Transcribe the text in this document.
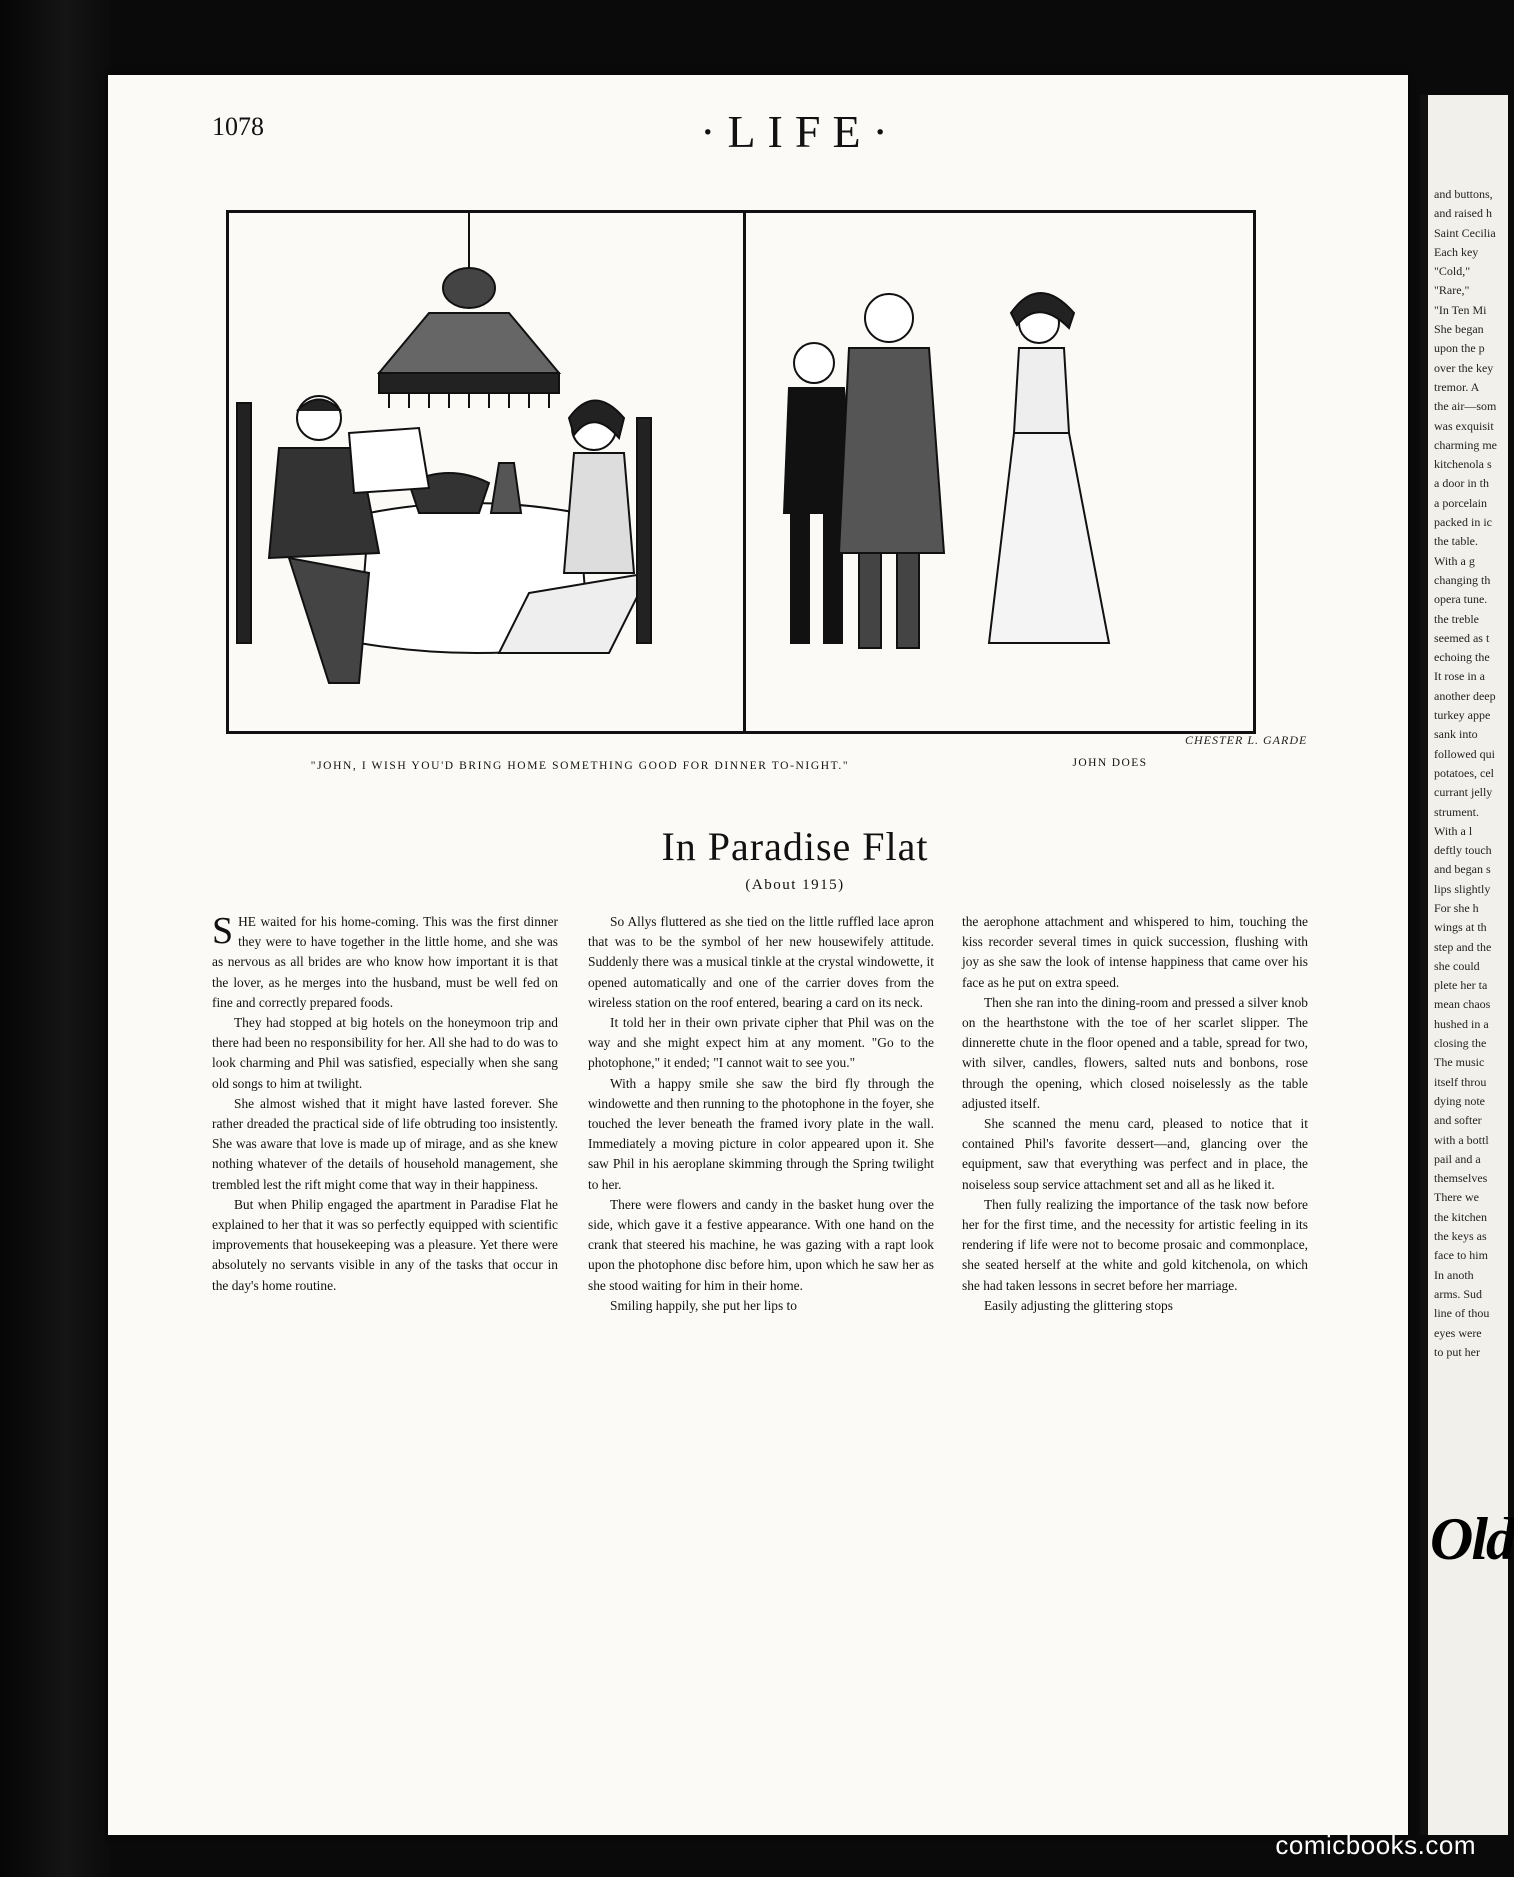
and buttons,
and raised h
Saint Cecilia
Each key
"Cold,"
"Rare,"
"In Ten Mi
She began
upon the p
over the key
tremor. A
the air—som
was exquisit
charming me
kitchenola s
a door in th
a porcelain
packed in ic
the table.
With a g
changing th
opera tune.
the treble
seemed as t
echoing the
It rose in a
another deep
turkey appe
sank into
followed qui
potatoes, cel
currant jelly
strument.
With a l
deftly touch
and began s
lips slightly
For she h
wings at th
step and the
she could
plete her ta
mean chaos
hushed in a
closing the
The music
itself throu
dying note
and softer
with a bottl
pail and a
themselves
There we
the kitchen
the keys as
face to him
In anoth
arms. Sud
line of thou
eyes were
to put her
Old
1078	·LIFE·
"JOHN, I WISH YOU'D BRING HOME SOMETHING GOOD FOR DINNER TO-NIGHT."	JOHN DOES
CHESTER L. GARDE
In Paradise Flat
(About 1915)

SHE waited for his home-coming. This was the first dinner they were to have together in the little home, and she was as nervous as all brides are who know how important it is that the lover, as he merges into the husband, must be well fed on fine and correctly prepared foods.

They had stopped at big hotels on the honeymoon trip and there had been no responsibility for her. All she had to do was to look charming and Phil was satisfied, especially when she sang old songs to him at twilight.

She almost wished that it might have lasted forever. She rather dreaded the practical side of life obtruding too insistently. She was aware that love is made up of mirage, and as she knew nothing whatever of the details of household management, she trembled lest the rift might come that way in their happiness.

But when Philip engaged the apartment in Paradise Flat he explained to her that it was so perfectly equipped with scientific improvements that housekeeping was a pleasure. Yet there were absolutely no servants visible in any of the tasks that occur in the day's home routine.

So Allys fluttered as she tied on the little ruffled lace apron that was to be the symbol of her new housewifely attitude. Suddenly there was a musical tinkle at the crystal windowette, it opened automatically and one of the carrier doves from the wireless station on the roof entered, bearing a card on its neck.

It told her in their own private cipher that Phil was on the way and she might expect him at any moment. "Go to the photophone," it ended; "I cannot wait to see you."

With a happy smile she saw the bird fly through the windowette and then running to the photophone in the foyer, she touched the lever beneath the framed ivory plate in the wall. Immediately a moving picture in color appeared upon it. She saw Phil in his aeroplane skimming through the Spring twilight to her.

There were flowers and candy in the basket hung over the side, which gave it a festive appearance. With one hand on the crank that steered his machine, he was gazing with a rapt look upon the photophone disc before him, upon which he saw her as she stood waiting for him in their home.

Smiling happily, she put her lips to

the aerophone attachment and whispered to him, touching the kiss recorder several times in quick succession, flushing with joy as she saw the look of intense happiness that came over his face as he put on extra speed.

Then she ran into the dining-room and pressed a silver knob on the hearthstone with the toe of her scarlet slipper. The dinnerette chute in the floor opened and a table, spread for two, with silver, candles, flowers, salted nuts and bonbons, rose through the opening, which closed noiselessly as the table adjusted itself.

She scanned the menu card, pleased to notice that it contained Phil's favorite dessert—and, glancing over the equipment, saw that everything was perfect and in place, the noiseless soup service attachment set and all as he liked it.

Then fully realizing the importance of the task now before her for the first time, and the necessity for artistic feeling in its rendering if life were not to become prosaic and commonplace, she seated herself at the white and gold kitchenola, on which she had taken lessons in secret before her marriage.

Easily adjusting the glittering stops

comicbooks.com
